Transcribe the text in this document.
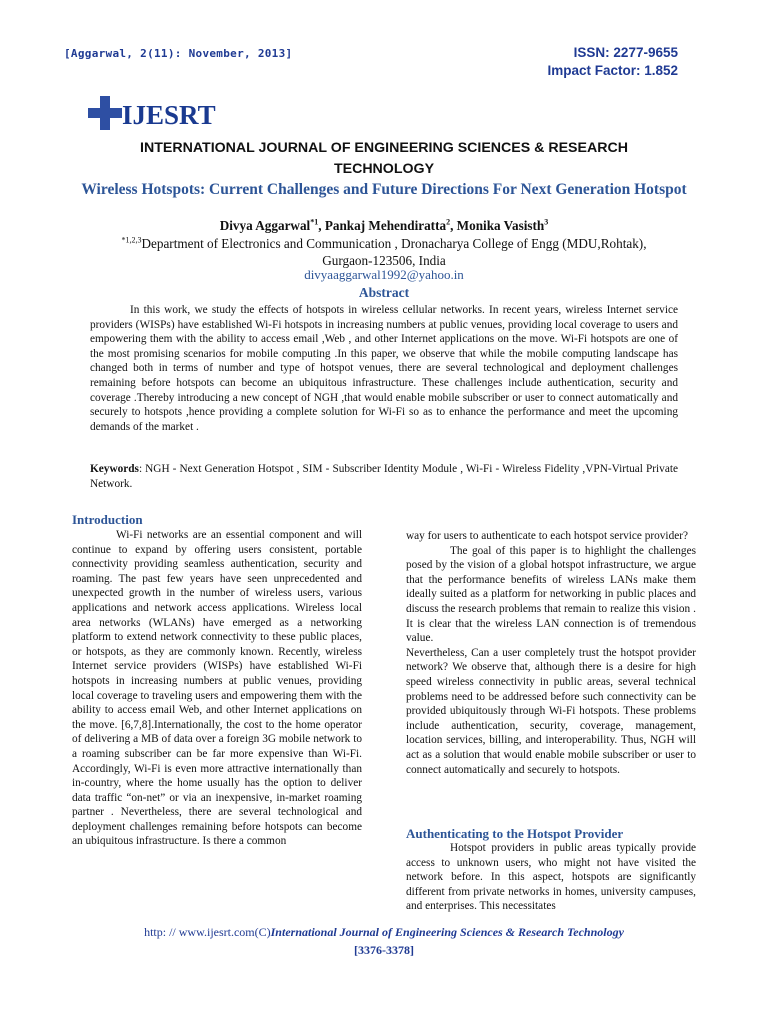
[Aggarwal, 2(11): November, 2013]	ISSN: 2277-9655
Impact Factor: 1.852
IJESRT
INTERNATIONAL JOURNAL OF ENGINEERING SCIENCES & RESEARCH
TECHNOLOGY
Wireless Hotspots: Current Challenges and Future Directions For Next Generation Hotspot
Divya Aggarwal$^{*1}$, Pankaj Mehendiratta$^2$, Monika Vasisth$^3$
$^{*1,2,3}$Department of Electronics and Communication , Dronacharya College of Engg (MDU,Rohtak),
Gurgaon-123506, India
divyaaggarwal1992@yahoo.in
Abstract
In this work, we study the effects of hotspots in wireless cellular networks. In recent years, wireless Internet service providers (WISPs) have established Wi-Fi hotspots in increasing numbers at public venues, providing local coverage to users and empowering them with the ability to access email ,Web , and other Internet applications on the move. Wi-Fi hotspots are one of the most promising scenarios for mobile computing .In this paper, we observe that while the mobile computing landscape has changed both in terms of number and type of hotspot venues, there are several technological and deployment challenges remaining before hotspots can become an ubiquitous infrastructure. These challenges include authentication, security and coverage .Thereby introducing a new concept of NGH ,that would enable mobile subscriber or user to connect automatically and securely to hotspots ,hence providing a complete solution for Wi-Fi so as to enhance the performance and meet the upcoming demands of the market .
Keywords: NGH - Next Generation Hotspot , SIM - Subscriber Identity Module , Wi-Fi - Wireless Fidelity ,VPN-Virtual Private Network.
Introduction

Wi-Fi networks are an essential component and will continue to expand by offering users consistent, portable connectivity providing seamless authentication, security and roaming. The past few years have seen unprecedented and unexpected growth in the number of wireless users, various applications and network access applications. Wireless local area networks (WLANs) have emerged as a networking platform to extend network connectivity to these public places, or hotspots, as they are commonly known. Recently, wireless Internet service providers (WISPs) have established Wi-Fi hotspots in increasing numbers at public venues, providing local coverage to traveling users and empowering them with the ability to access email Web, and other Internet applications on the move. [6,7,8].Internationally, the cost to the home operator of delivering a MB of data over a foreign 3G mobile network to a roaming subscriber can be far more expensive than Wi-Fi. Accordingly, Wi-Fi is even more attractive internationally than in-country, where the home usually has the option to deliver data traffic “on-net” or via an inexpensive, in-market roaming partner . Nevertheless, there are several technological and deployment challenges remaining before hotspots can become an ubiquitous infrastructure. Is there a common

way for users to authenticate to each hotspot service provider?

The goal of this paper is to highlight the challenges posed by the vision of a global hotspot infrastructure, we argue that the performance benefits of wireless LANs make them ideally suited as a platform for networking in public places and discuss the research problems that remain to realize this vision . It is clear that the wireless LAN connection is of tremendous value.

Nevertheless, Can a user completely trust the hotspot provider network? We observe that, although there is a desire for high speed wireless connectivity in public areas, several technical problems need to be addressed before such connectivity can be provided ubiquitously through Wi-Fi hotspots. These problems include authentication, security, coverage, management, location services, billing, and interoperability. Thus, NGH will act as a solution that would enable mobile subscriber or user to connect automatically and securely to hotspots.

Authenticating to the Hotspot Provider

Hotspot providers in public areas typically provide access to unknown users, who might not have visited the network before. In this aspect, hotspots are significantly different from private networks in homes, university campuses, and enterprises. This necessitates

http: // www.ijesrt.com(C)International Journal of Engineering Sciences & Research Technology
[3376-3378]
